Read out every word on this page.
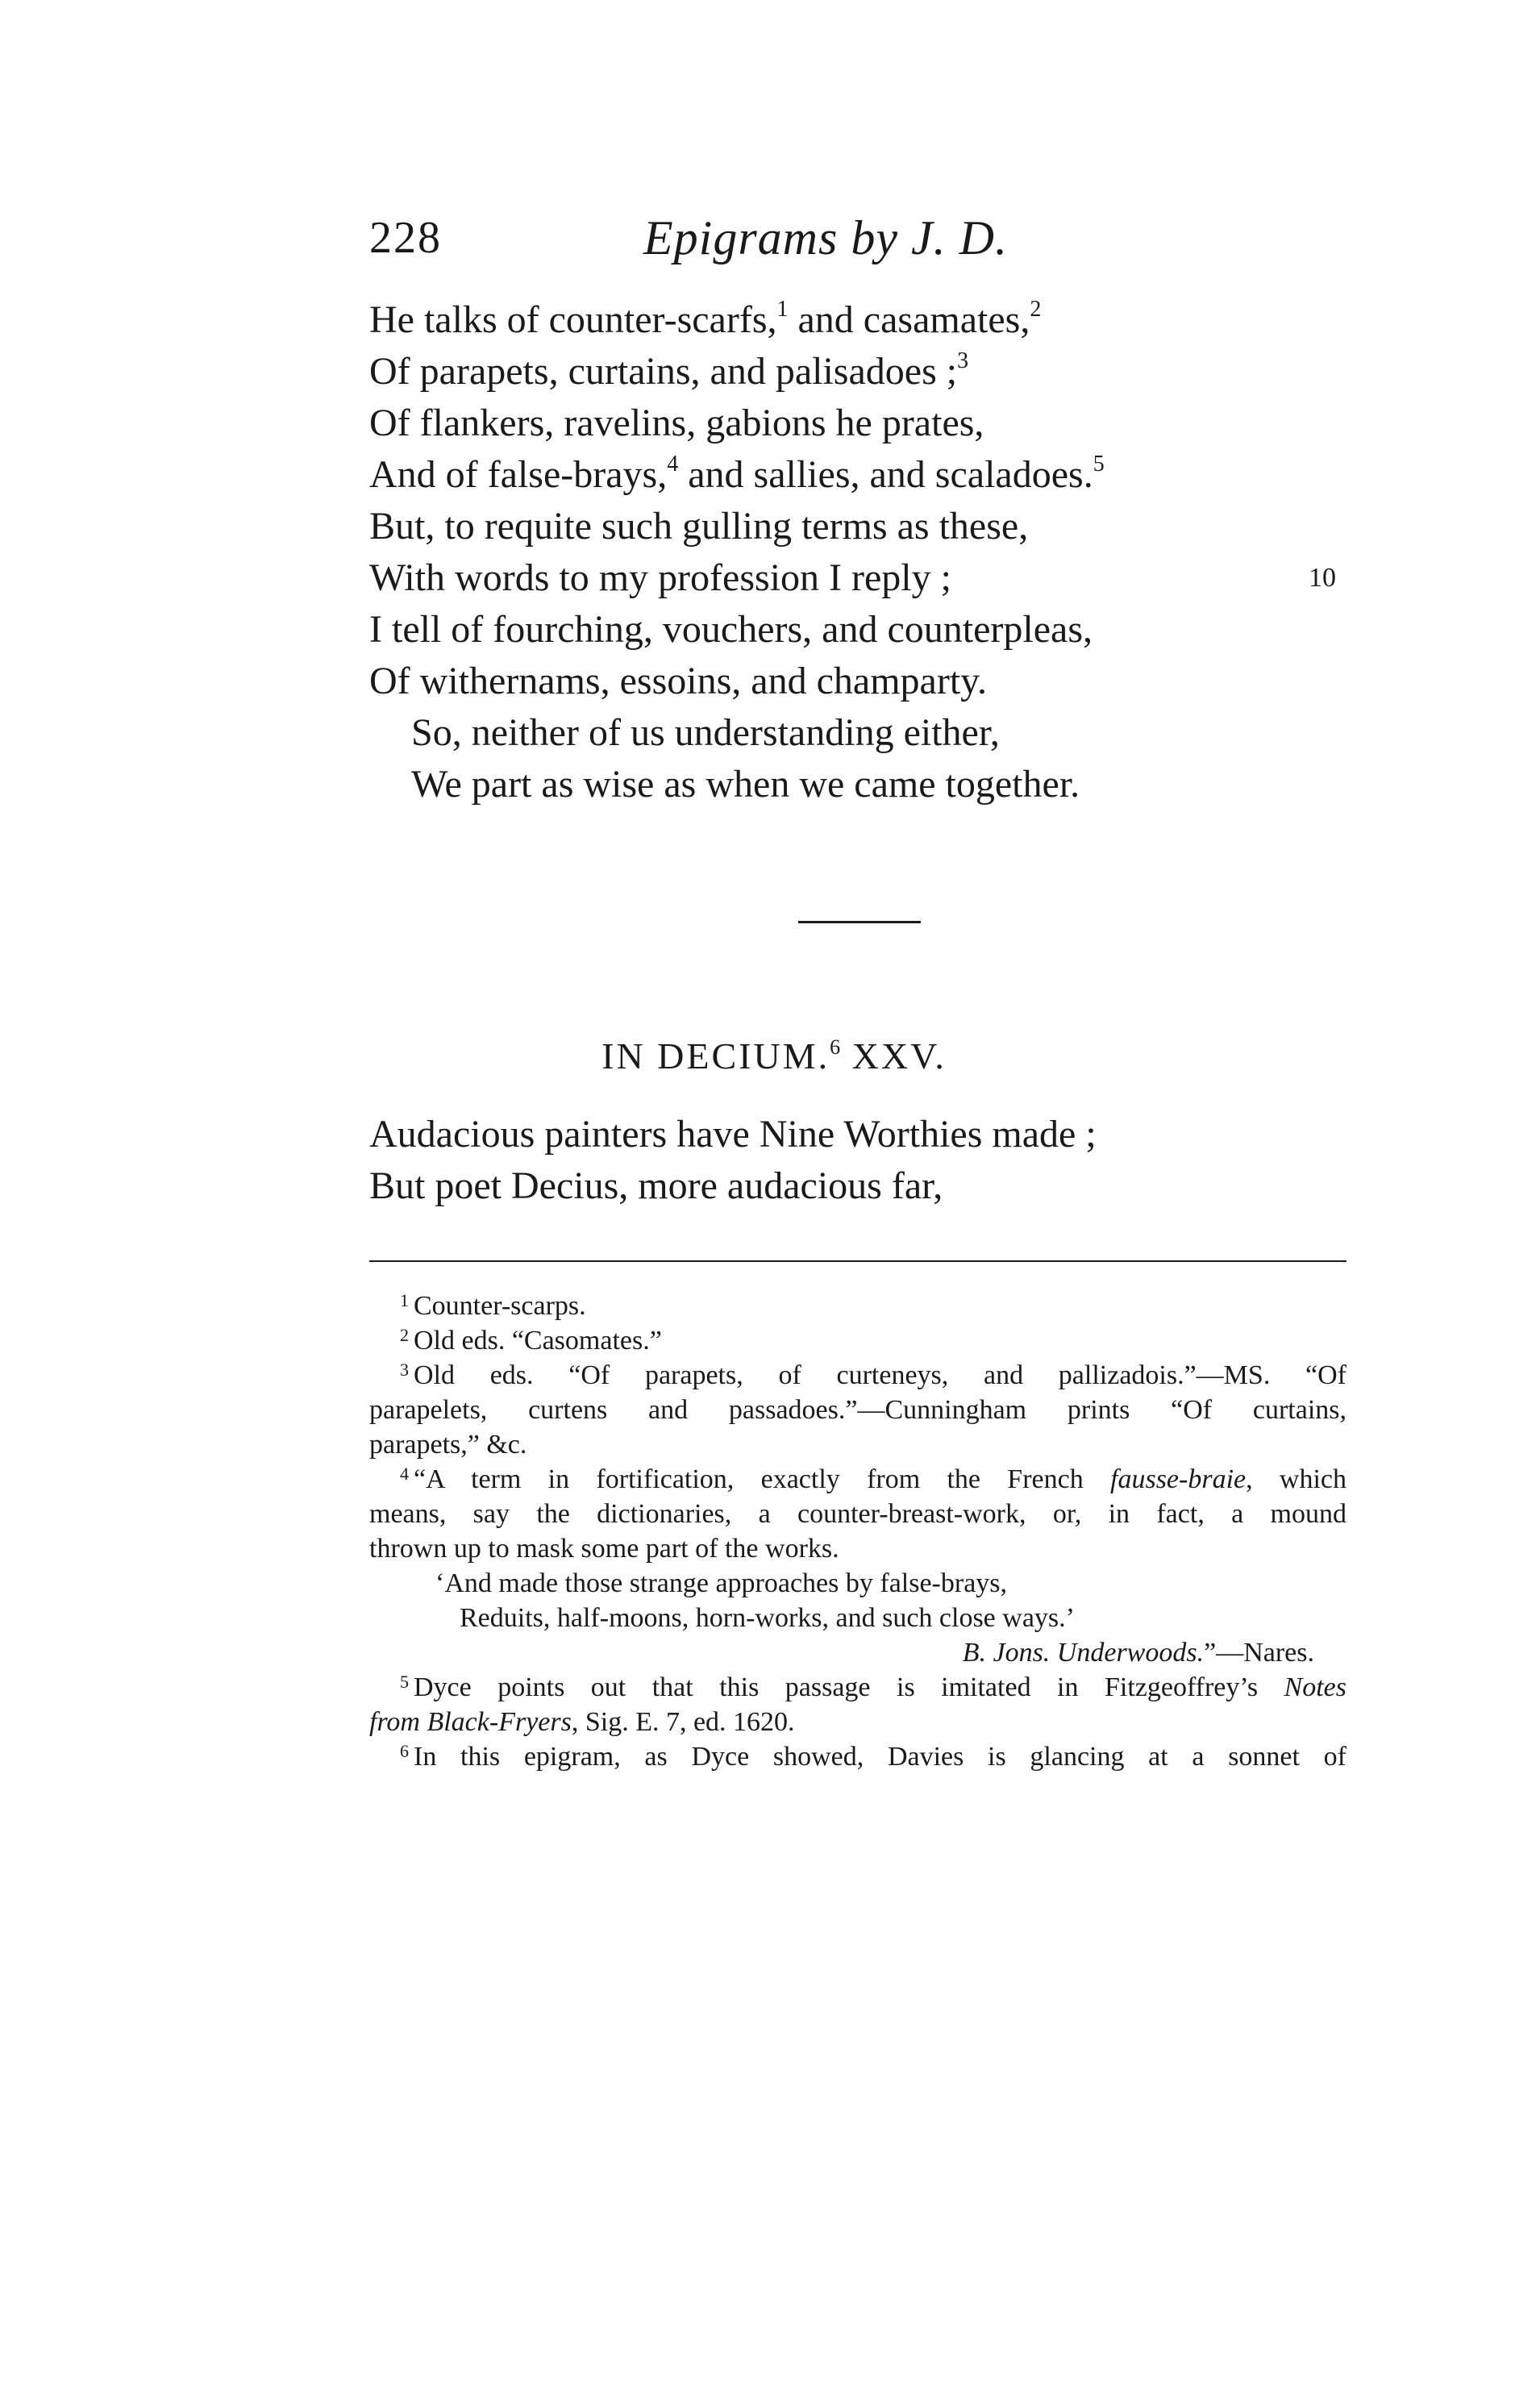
228	Epigrams by J. D.
He talks of counter-scarfs,$^1$ and casamates,$^2$
Of parapets, curtains, and palisadoes ;$^3$
Of flankers, ravelins, gabions he prates,
And of false-brays,$^4$ and sallies, and scaladoes.$^5$
But, to requite such gulling terms as these,
With words to my profession I reply ;	10
I tell of fourching, vouchers, and counterpleas,
Of withernams, essoins, and champarty.
So, neither of us understanding either,
We part as wise as when we came together.
IN DECIUM.$^6$ XXV.
Audacious painters have Nine Worthies made ;
But poet Decius, more audacious far,
$^1$ Counter-scarps.
$^2$ Old eds. “Casomates.”
$^3$ Old eds. “Of parapets, of curteneys, and pallizadois.”—MS. “Of
parapelets, curtens and passadoes.”—Cunningham prints “Of curtains,
parapets,” &c.
$^4$ “A term in fortification, exactly from the French fausse-braie, which
means, say the dictionaries, a counter-breast-work, or, in fact, a mound
thrown up to mask some part of the works.
‘And made those strange approaches by false-brays,
Reduits, half-moons, horn-works, and such close ways.’
B. Jons. Underwoods.”—Nares.
$^5$ Dyce points out that this passage is imitated in Fitzgeoffrey’s Notes
from Black-Fryers, Sig. E. 7, ed. 1620.
$^6$ In this epigram, as Dyce showed, Davies is glancing at a sonnet of
